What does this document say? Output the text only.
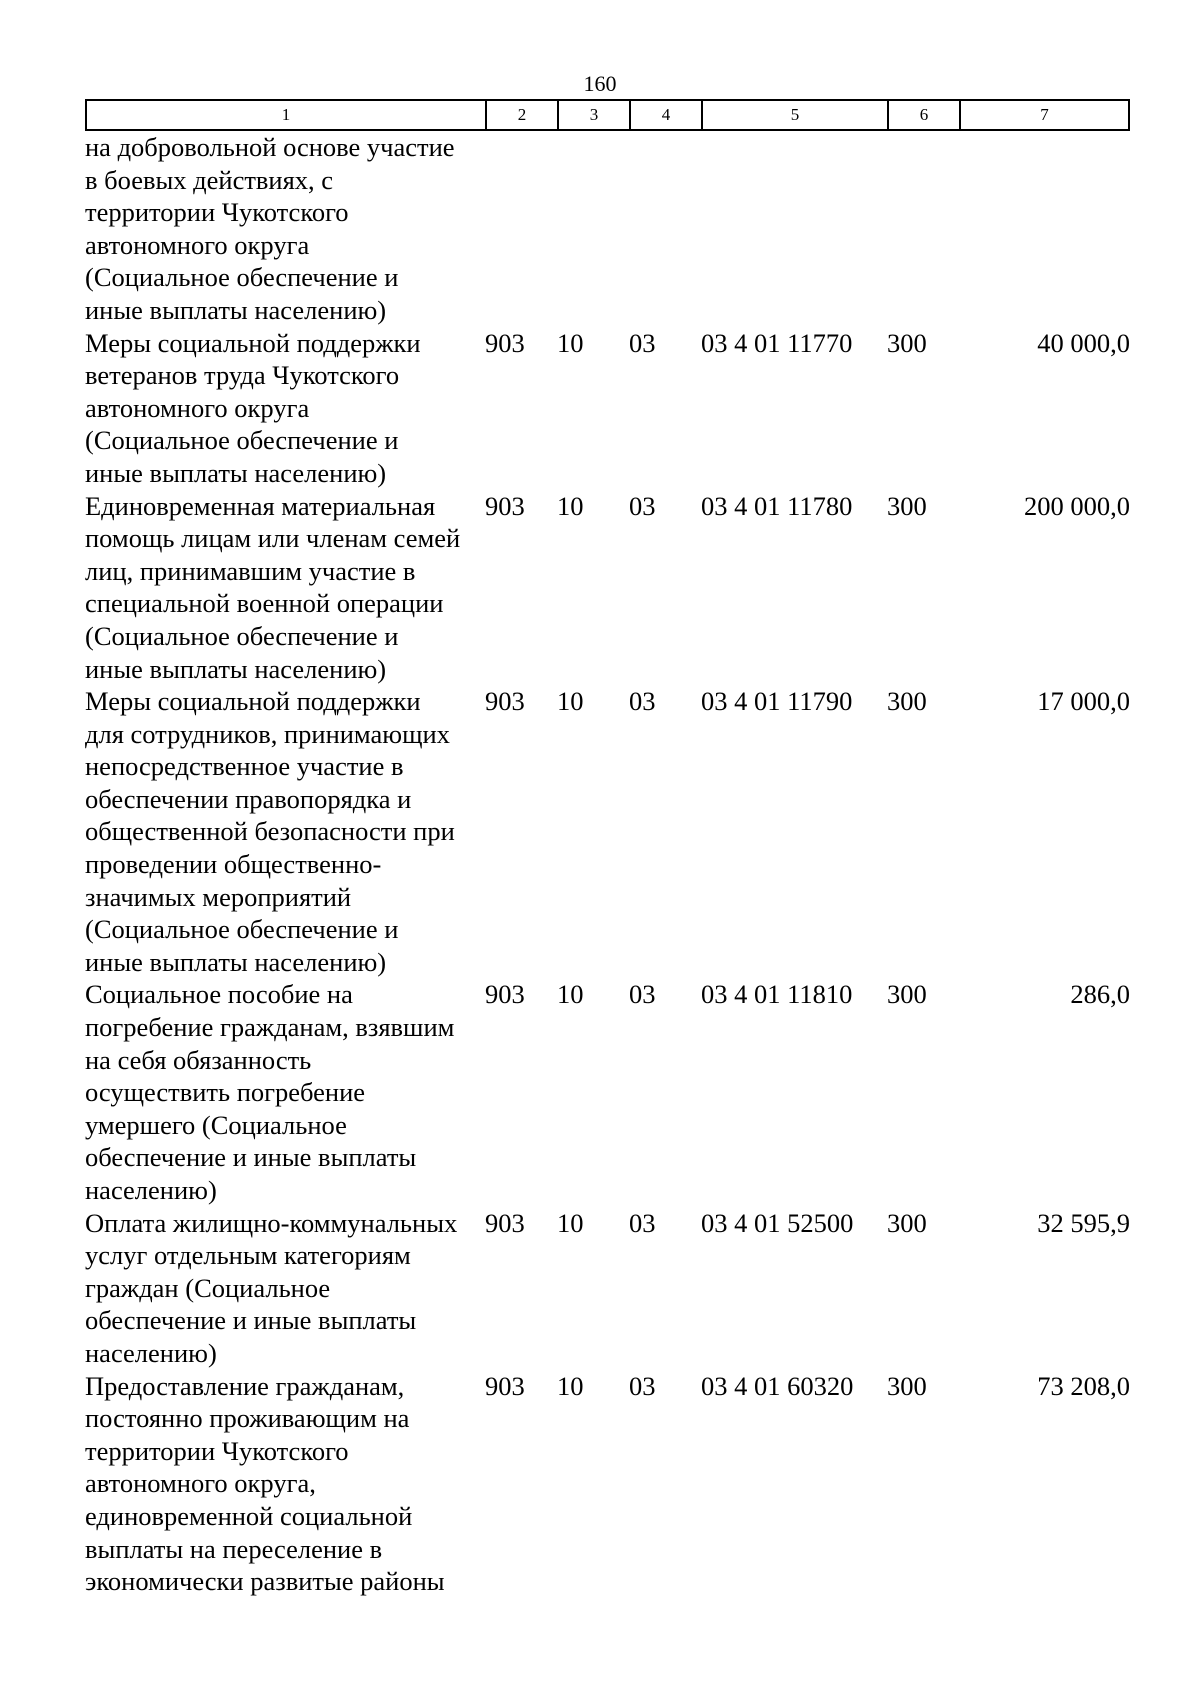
160
1	2	3	4	5	6	7
на добровольной основе участие
в боевых действиях, с
территории Чукотского
автономного округа
(Социальное обеспечение и
иные выплаты населению)
Меры социальной поддержки
ветеранов труда Чукотского
автономного округа
(Социальное обеспечение и
иные выплаты населению)
903	10	03	03 4 01 11770	300	40 000,0
Единовременная материальная
помощь лицам или членам семей
лиц, принимавшим участие в
специальной военной операции
(Социальное обеспечение и
иные выплаты населению)
903	10	03	03 4 01 11780	300	200 000,0
Меры социальной поддержки
для сотрудников, принимающих
непосредственное участие в
обеспечении правопорядка и
общественной безопасности при
проведении общественно-
значимых мероприятий
(Социальное обеспечение и
иные выплаты населению)
903	10	03	03 4 01 11790	300	17 000,0
Социальное пособие на
погребение гражданам, взявшим
на себя обязанность
осуществить погребение
умершего (Социальное
обеспечение и иные выплаты
населению)
903	10	03	03 4 01 11810	300	286,0
Оплата жилищно-коммунальных
услуг отдельным категориям
граждан (Социальное
обеспечение и иные выплаты
населению)
903	10	03	03 4 01 52500	300	32 595,9
Предоставление гражданам,
постоянно проживающим на
территории Чукотского
автономного округа,
единовременной социальной
выплаты на переселение в
экономически развитые районы
903	10	03	03 4 01 60320	300	73 208,0
